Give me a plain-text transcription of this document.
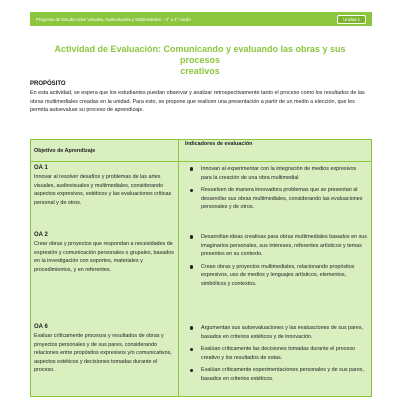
Programa de Estudio Artes Visuales, Audiovisuales y Multimediales – 3° o 4° medio	Unidad 1
Actividad de Evaluación: Comunicando y evaluando las obras y sus procesos
creativos
PROPÓSITO

En esta actividad, se espera que los estudiantes puedan observar y analizar retrospectivamente tanto el proceso como los resultados de las obras multimediales creadas en la unidad. Para esto, se propone que realicen una presentación a partir de un medio a elección, que les permita autoevaluar su proceso de aprendizaje.

Objetivo de Aprendizaje
Indicadores de evaluación
OA 1
Innovar al resolver desafíos y problemas de las artes visuales, audiovisuales y multimediales, considerando aspectos expresivos, estéticos y las evaluaciones críticas personal y de otros.
Innovan al experimentar con la integración de medios expresivos para la creación de una obra multimedial
Resuelven de manera innovadora problemas que se presentan al desarrollar sus obras multimediales, considerando las evaluaciones personales y de otros.
OA 2
Crear obras y proyectos que respondan a necesidades de expresión y comunicación personales o grupales, basados en la investigación con soportes, materiales y procedimientos, y en referentes.
Desarrollan ideas creativas para obras multimediales basados en sus imaginarios personales, sus intereses, referentes artísticos y temas presentes en su contexto.
Crean obras y proyectos multimediales, relacionando propósitos expresivos, uso de medios y lenguajes artísticos, elementos, simbólicos y contextos.
OA 6
Evaluar críticamente procesos y resultados de obras y proyectos personales y de sus pares, considerando relaciones entre propósitos expresivos y/o comunicativos, aspectos estéticos y decisiones tomadas durante el proceso.
Argumentan sus autoevaluaciones y las evaluaciones de sus pares, basados en criterios estéticos y de innovación.
Evalúan críticamente las decisiones tomadas durante el proceso creativo y los resultados de estas.
Evalúan críticamente experimentaciones personales y de sus pares, basados en criterios estéticos.
